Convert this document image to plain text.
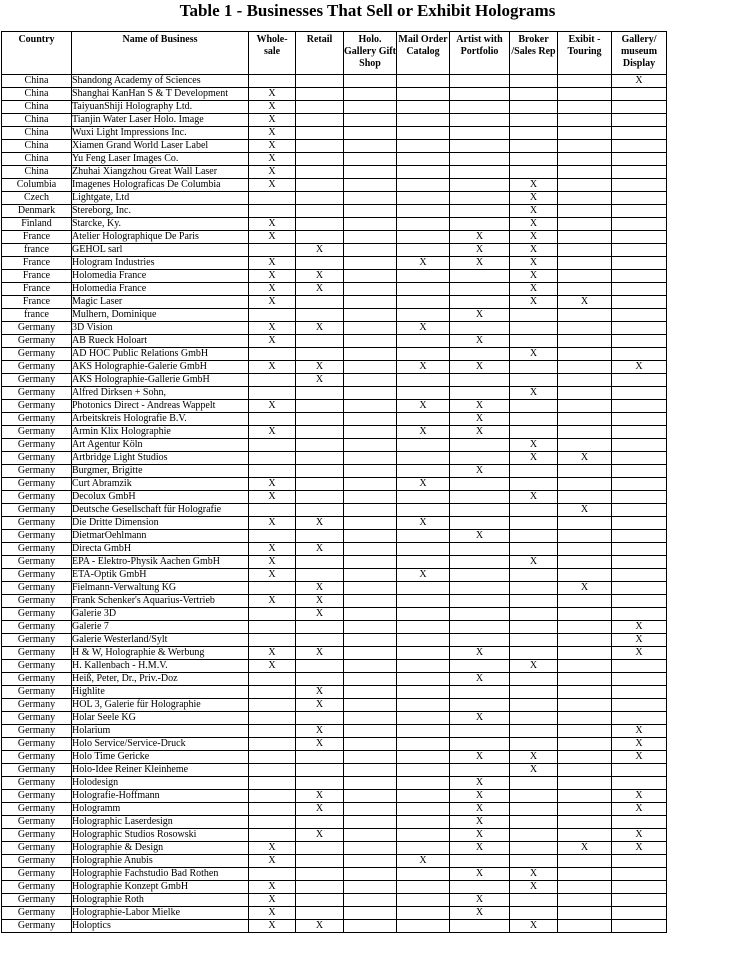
Table 1 - Businesses That Sell or Exhibit Holograms
Country	Name of Business	Whole-sale	Retail	Holo. Gallery Gift Shop	Mail Order Catalog	Artist with Portfolio	Broker /Sales Rep	Exibit - Touring	Gallery/ museum Display
China	Shandong Academy of Sciences								X
China	Shanghai KanHan S & T Development	X							
China	TaiyuanShiji Holography Ltd.	X							
China	Tianjin Water Laser Holo. Image	X							
China	Wuxi Light Impressions Inc.	X							
China	Xiamen Grand World Laser Label	X							
China	Yu Feng Laser Images Co.	X							
China	Zhuhai Xiangzhou Great Wall Laser	X							
Columbia	Imagenes Holograficas De Columbia	X					X		
Czech	Lightgate, Ltd						X		
Denmark	Stereborg, Inc.						X		
Finland	Starcke, Ky.	X					X		
France	Atelier Holographique De Paris	X				X	X		
france	GEHOL sarl		X			X	X		
France	Hologram Industries	X			X	X	X		
France	Holomedia France	X	X				X		
France	Holomedia France	X	X				X		
France	Magic Laser	X					X	X	
france	Mulhern, Dominique					X			
Germany	3D Vision	X	X		X				
Germany	AB Rueck Holoart	X				X			
Germany	AD HOC Public Relations GmbH						X		
Germany	AKS Holographie-Galerie GmbH	X	X		X	X			X
Germany	AKS Holographie-Gallerie GmbH		X						
Germany	Alfred Dirksen + Sohn,						X		
Germany	Photonics Direct - Andreas Wappelt	X			X	X			
Germany	Arbeitskreis Holografie B.V.					X			
Germany	Armin Klix Holographie	X			X	X			
Germany	Art Agentur Köln						X		
Germany	Artbridge Light Studios						X	X	
Germany	Burgmer, Brigitte					X			
Germany	Curt Abramzik	X			X				
Germany	Decolux GmbH	X					X		
Germany	Deutsche Gesellschaft für Holografie							X	
Germany	Die Dritte Dimension	X	X		X				
Germany	DietmarOehlmann					X			
Germany	Directa GmbH	X	X						
Germany	EPA - Elektro-Physik Aachen GmbH	X					X		
Germany	ETA-Optik GmbH	X			X				
Germany	Fielmann-Verwaltung KG		X					X	
Germany	Frank Schenker's Aquarius-Vertrieb	X	X						
Germany	Galerie 3D		X						
Germany	Galerie 7								X
Germany	Galerie Westerland/Sylt								X
Germany	H & W, Holographie & Werbung	X	X			X			X
Germany	H. Kallenbach - H.M.V.	X					X		
Germany	Heiß, Peter, Dr., Priv.-Doz					X			
Germany	Highlite		X						
Germany	HOL 3, Galerie für Holographie		X						
Germany	Holar Seele KG					X			
Germany	Holarium		X						X
Germany	Holo Service/Service-Druck		X						X
Germany	Holo Time Gericke					X	X		X
Germany	Holo-Idee Reiner Kleinheme						X		
Germany	Holodesign					X			
Germany	Holografie-Hoffmann		X			X			X
Germany	Hologramm		X			X			X
Germany	Holographic Laserdesign					X			
Germany	Holographic Studios Rosowski		X			X			X
Germany	Holographie & Design	X				X		X	X
Germany	Holographie Anubis	X			X				
Germany	Holographie Fachstudio Bad Rothen					X	X		
Germany	Holographie Konzept GmbH	X					X		
Germany	Holographie Roth	X				X			
Germany	Holographie-Labor Mielke	X				X			
Germany	Holoptics	X	X				X		
